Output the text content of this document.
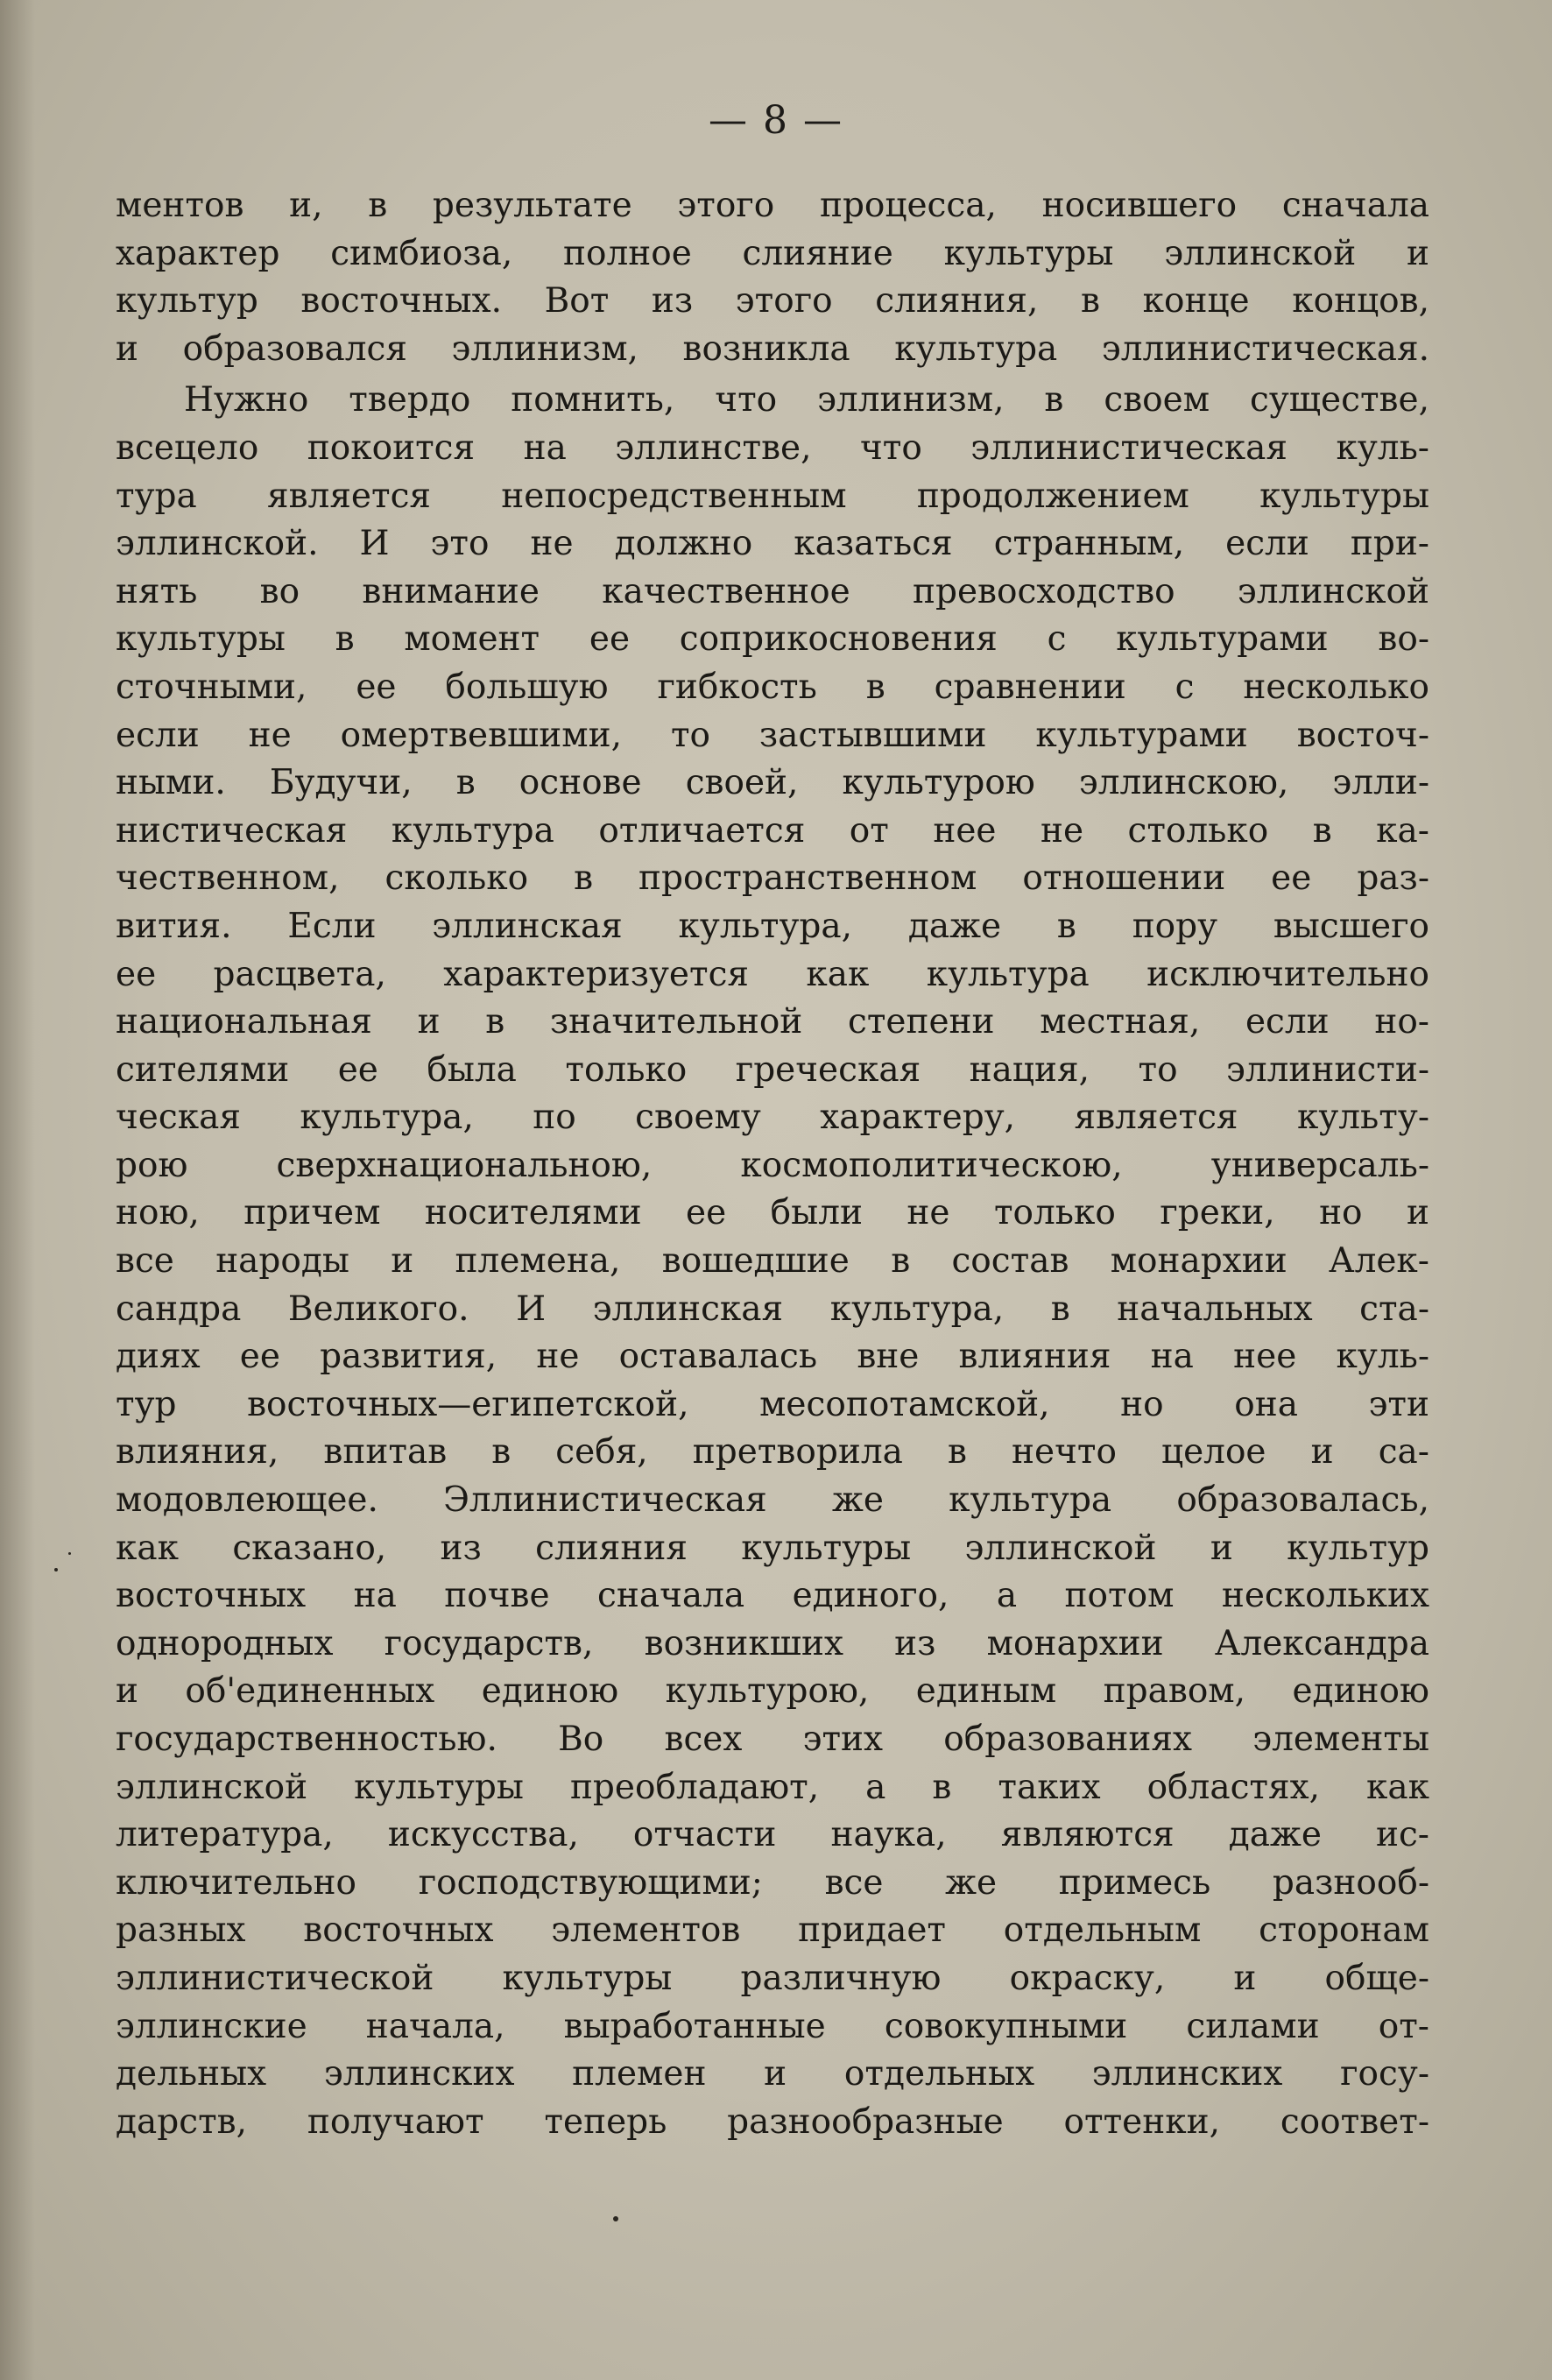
— 8 —
ментов и, в результате этого процесса, носившего сначала
характер симбиоза, полное слияние культуры эллинской и
культур восточных. Вот из этого слияния, в конце концов,
и образовался эллинизм, возникла культура эллинистическая.
Нужно твердо помнить, что эллинизм, в своем существе,
всецело покоится на эллинстве, что эллинистическая куль-
тура является непосредственным продолжением культуры
эллинской. И это не должно казаться странным, если при-
нять во внимание качественное превосходство эллинской
культуры в момент ее соприкосновения с культурами во-
сточными, ее большую гибкость в сравнении с несколько
если не омертвевшими, то застывшими культурами восточ-
ными. Будучи, в основе своей, культурою эллинскою, элли-
нистическая культура отличается от нее не столько в ка-
чественном, сколько в пространственном отношении ее раз-
вития. Если эллинская культура, даже в пору высшего
ее расцвета, характеризуется как культура исключительно
национальная и в значительной степени местная, если но-
сителями ее была только греческая нация, то эллинисти-
ческая культура, по своему характеру, является культу-
рою сверхнациональною, космополитическою, универсаль-
ною, причем носителями ее были не только греки, но и
все народы и племена, вошедшие в состав монархии Алек-
сандра Великого. И эллинская культура, в начальных ста-
диях ее развития, не оставалась вне влияния на нее куль-
тур восточных—египетской, месопотамской, но она эти
влияния, впитав в себя, претворила в нечто целое и са-
модовлеющее. Эллинистическая же культура образовалась,
как сказано, из слияния культуры эллинской и культур
восточных на почве сначала единого, а потом нескольких
однородных государств, возникших из монархии Александра
и об'единенных единою культурою, единым правом, единою
государственностью. Во всех этих образованиях элементы
эллинской культуры преобладают, а в таких областях, как
литература, искусства, отчасти наука, являются даже ис-
ключительно господствующими; все же примесь разнооб-
разных восточных элементов придает отдельным сторонам
эллинистической культуры различную окраску, и обще-
эллинские начала, выработанные совокупными силами от-
дельных эллинских племен и отдельных эллинских госу-
дарств, получают теперь разнообразные оттенки, соответ-
